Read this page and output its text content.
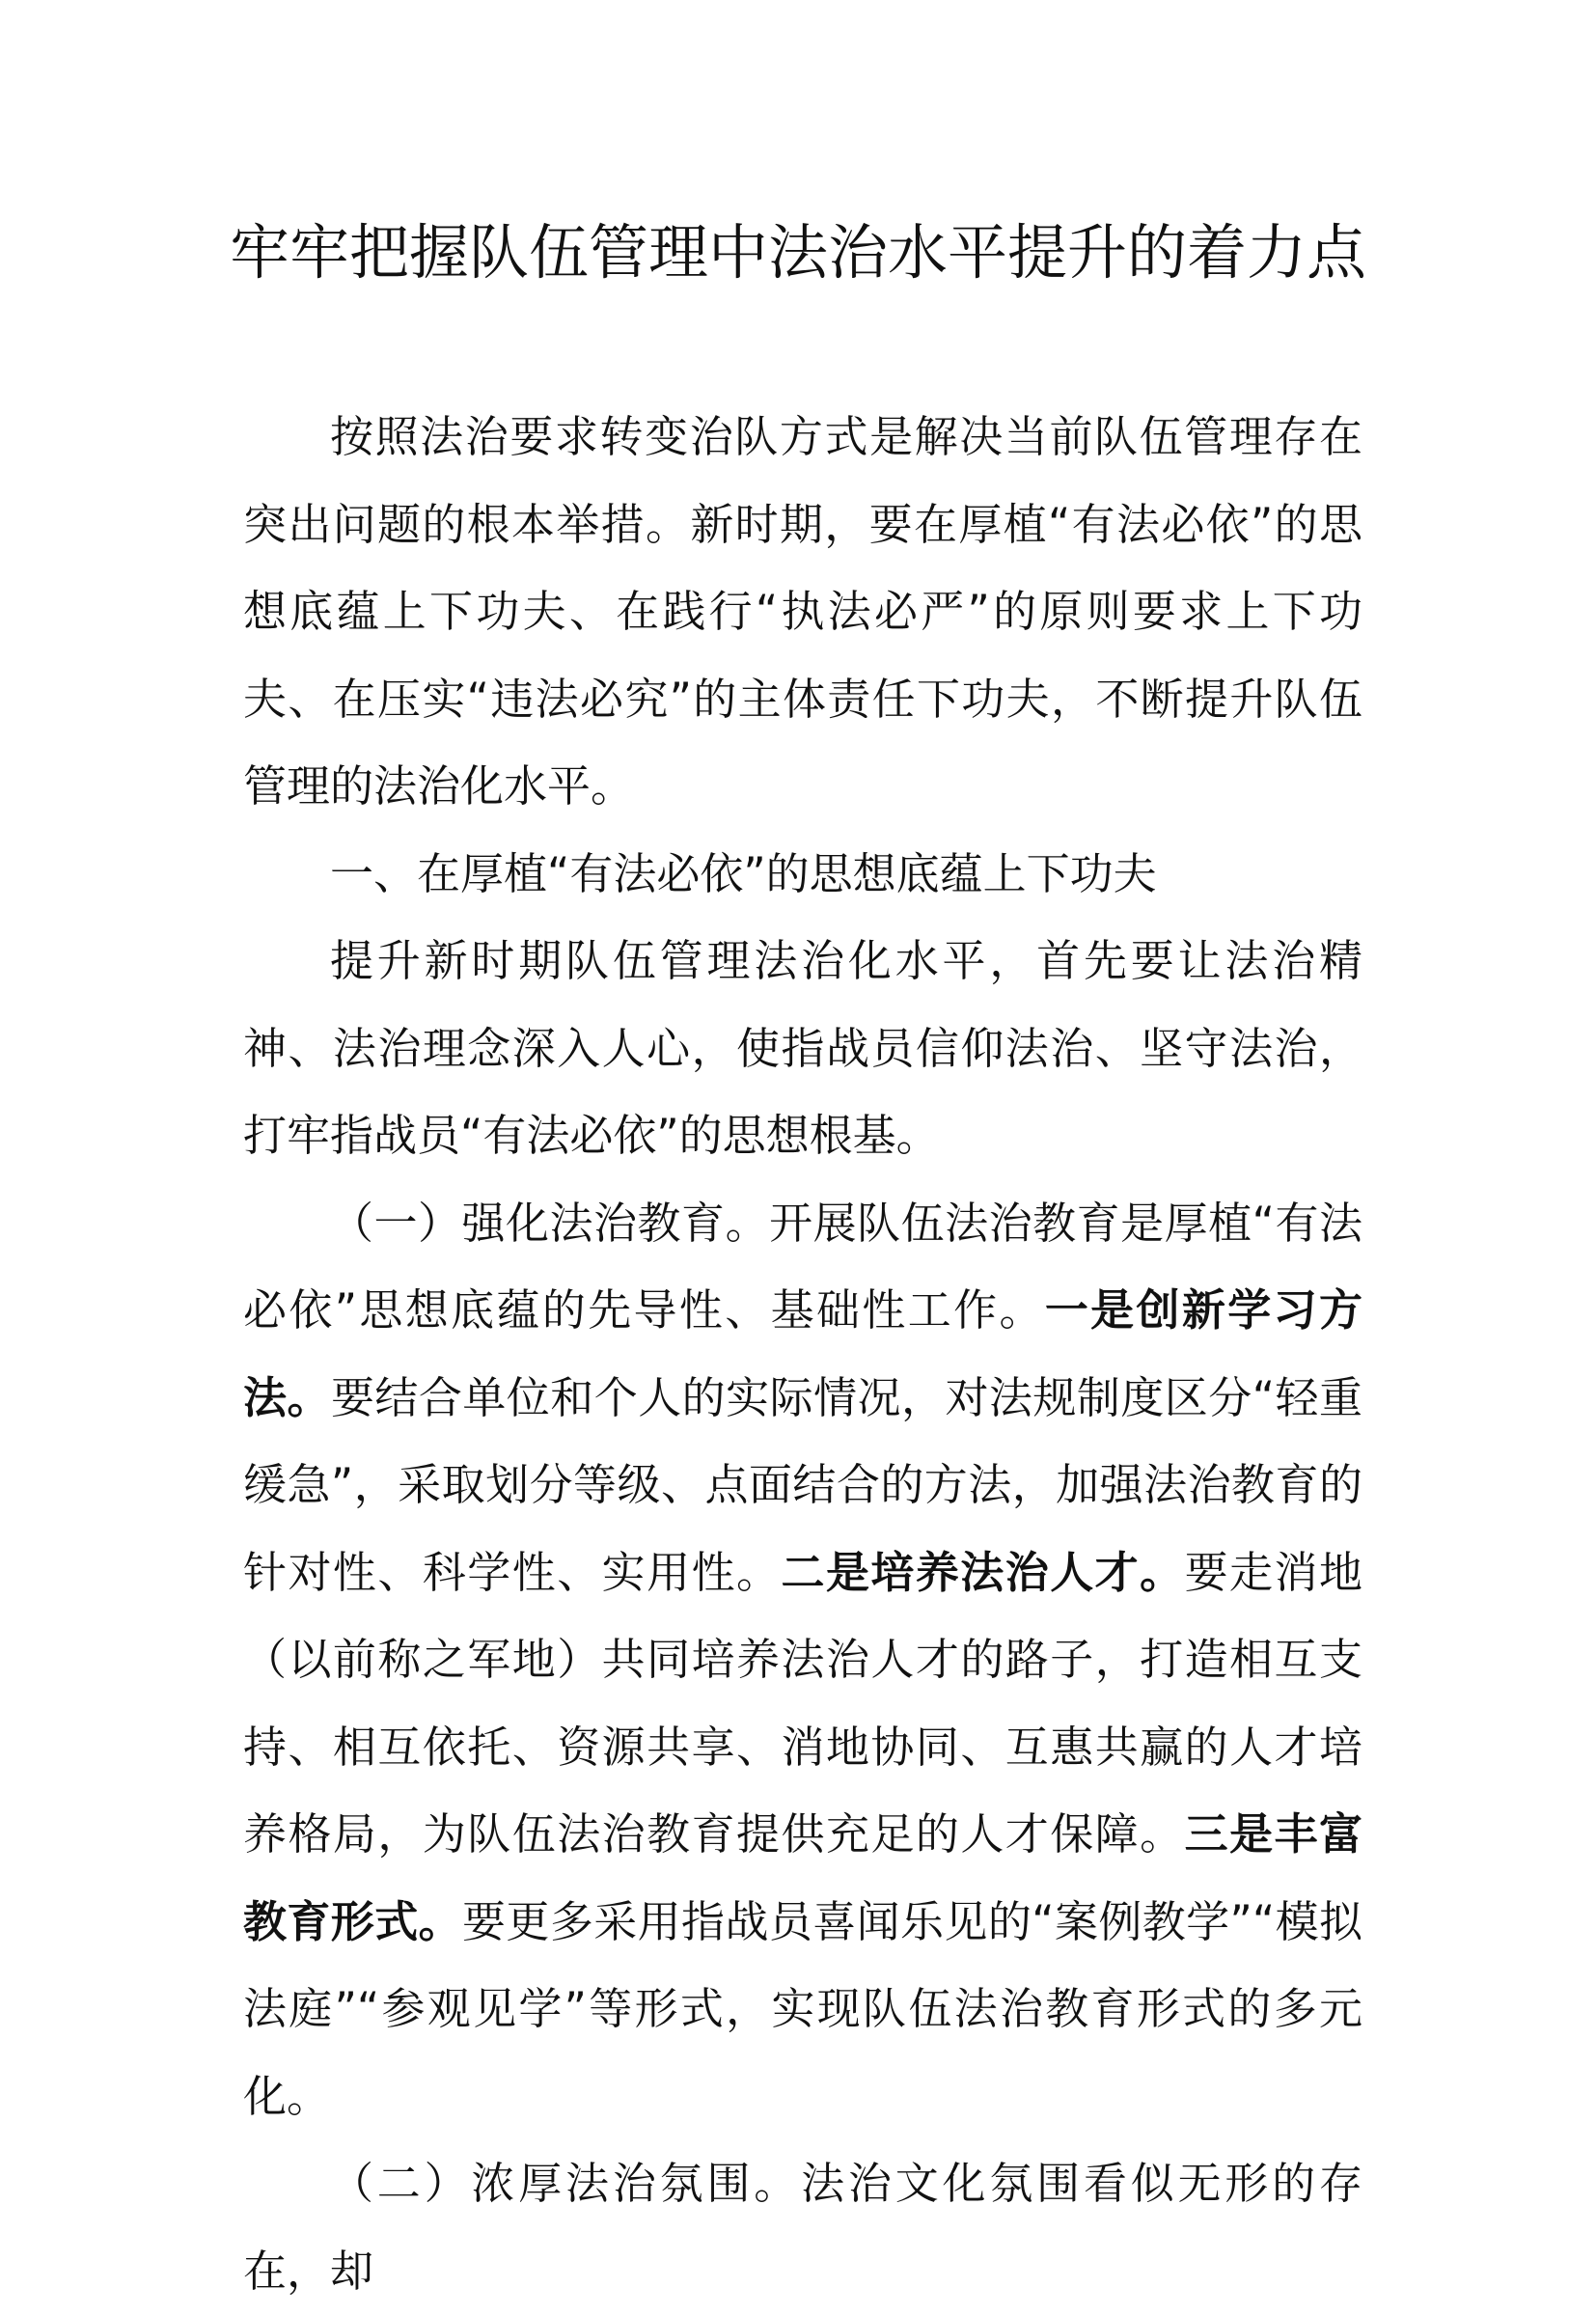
牢牢把握队伍管理中法治水平提升的着力点

按照法治要求转变治队方式是解决当前队伍管理存在突出问题的根本举措。新时期，要在厚植“有法必依”的思想底蕴上下功夫、在践行“执法必严”的原则要求上下功夫、在压实“违法必究”的主体责任下功夫，不断提升队伍管理的法治化水平。

一、在厚植“有法必依”的思想底蕴上下功夫

提升新时期队伍管理法治化水平，首先要让法治精神、法治理念深入人心，使指战员信仰法治、坚守法治，打牢指战员“有法必依”的思想根基。

（一）强化法治教育。开展队伍法治教育是厚植“有法必依”思想底蕴的先导性、基础性工作。一是创新学习方法。要结合单位和个人的实际情况，对法规制度区分“轻重缓急”，采取划分等级、点面结合的方法，加强法治教育的针对性、科学性、实用性。二是培养法治人才。要走消地（以前称之军地）共同培养法治人才的路子，打造相互支持、相互依托、资源共享、消地协同、互惠共赢的人才培养格局，为队伍法治教育提供充足的人才保障。三是丰富教育形式。要更多采用指战员喜闻乐见的“案例教学”“模拟法庭”“参观见学”等形式，实现队伍法治教育形式的多元化。

（二）浓厚法治氛围。法治文化氛围看似无形的存在，却
